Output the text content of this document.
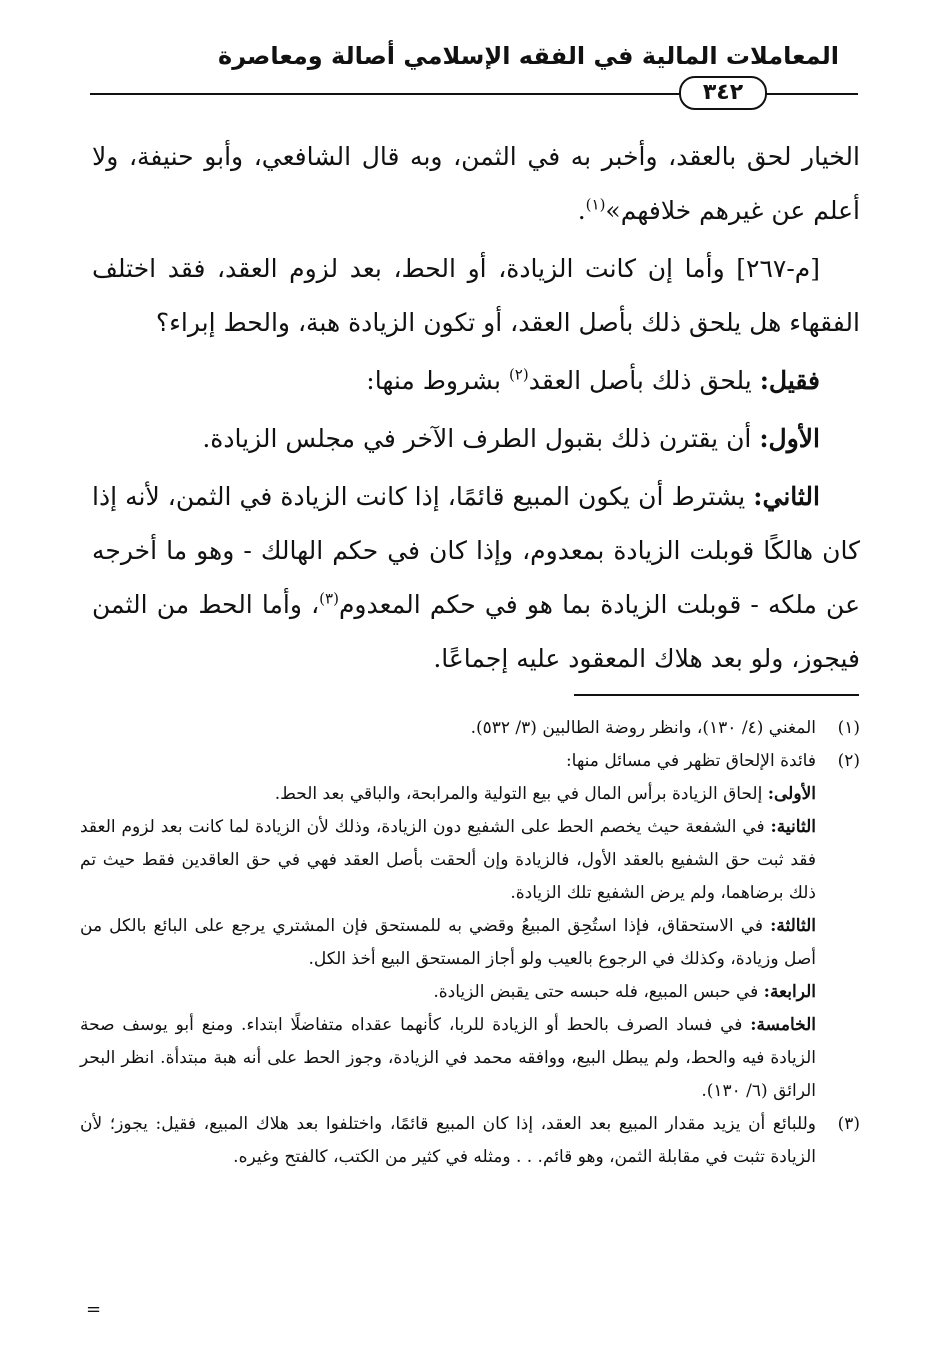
المعاملات المالية في الفقه الإسلامي أصالة ومعاصرة
٣٤٢

الخيار لحق بالعقد، وأخبر به في الثمن، وبه قال الشافعي، وأبو حنيفة، ولا أعلم عن غيرهم خلافهم»$^{(١)}$.

[م-٢٦٧] وأما إن كانت الزيادة، أو الحط، بعد لزوم العقد، فقد اختلف الفقهاء هل يلحق ذلك بأصل العقد، أو تكون الزيادة هبة، والحط إبراء؟

فقيل: يلحق ذلك بأصل العقد$^{(٢)}$ بشروط منها:

الأول: أن يقترن ذلك بقبول الطرف الآخر في مجلس الزيادة.

الثاني: يشترط أن يكون المبيع قائمًا، إذا كانت الزيادة في الثمن، لأنه إذا كان هالكًا قوبلت الزيادة بمعدوم، وإذا كان في حكم الهالك - وهو ما أخرجه عن ملكه - قوبلت الزيادة بما هو في حكم المعدوم$^{(٣)}$، وأما الحط من الثمن فيجوز، ولو بعد هلاك المعقود عليه إجماعًا.

(١)

المغني (٤/ ١٣٠)، وانظر روضة الطالبين (٣/ ٥٣٢).

(٢)

فائدة الإلحاق تظهر في مسائل منها:

الأولى: إلحاق الزيادة برأس المال في بيع التولية والمرابحة، والباقي بعد الحط.

الثانية: في الشفعة حيث يخصم الحط على الشفيع دون الزيادة، وذلك لأن الزيادة لما كانت بعد لزوم العقد فقد ثبت حق الشفيع بالعقد الأول، فالزيادة وإن ألحقت بأصل العقد فهي في حق العاقدين فقط حيث تم ذلك برضاهما، ولم يرض الشفيع تلك الزيادة.

الثالثة: في الاستحقاق، فإذا استُحِق المبيعُ وقضي به للمستحق فإن المشتري يرجع على البائع بالكل من أصل وزيادة، وكذلك في الرجوع بالعيب ولو أجاز المستحق البيع أخذ الكل.

الرابعة: في حبس المبيع، فله حبسه حتى يقبض الزيادة.

الخامسة: في فساد الصرف بالحط أو الزيادة للربا، كأنهما عقداه متفاضلًا ابتداء. ومنع أبو يوسف صحة الزيادة فيه والحط، ولم يبطل البيع، ووافقه محمد في الزيادة، وجوز الحط على أنه هبة مبتدأة. انظر البحر الرائق (٦/ ١٣٠).

(٣)

وللبائع أن يزيد مقدار المبيع بعد العقد، إذا كان المبيع قائمًا، واختلفوا بعد هلاك المبيع، فقيل: يجوز؛ لأن الزيادة تثبت في مقابلة الثمن، وهو قائم. . . ومثله في كثير من الكتب، كالفتح وغيره.

=
